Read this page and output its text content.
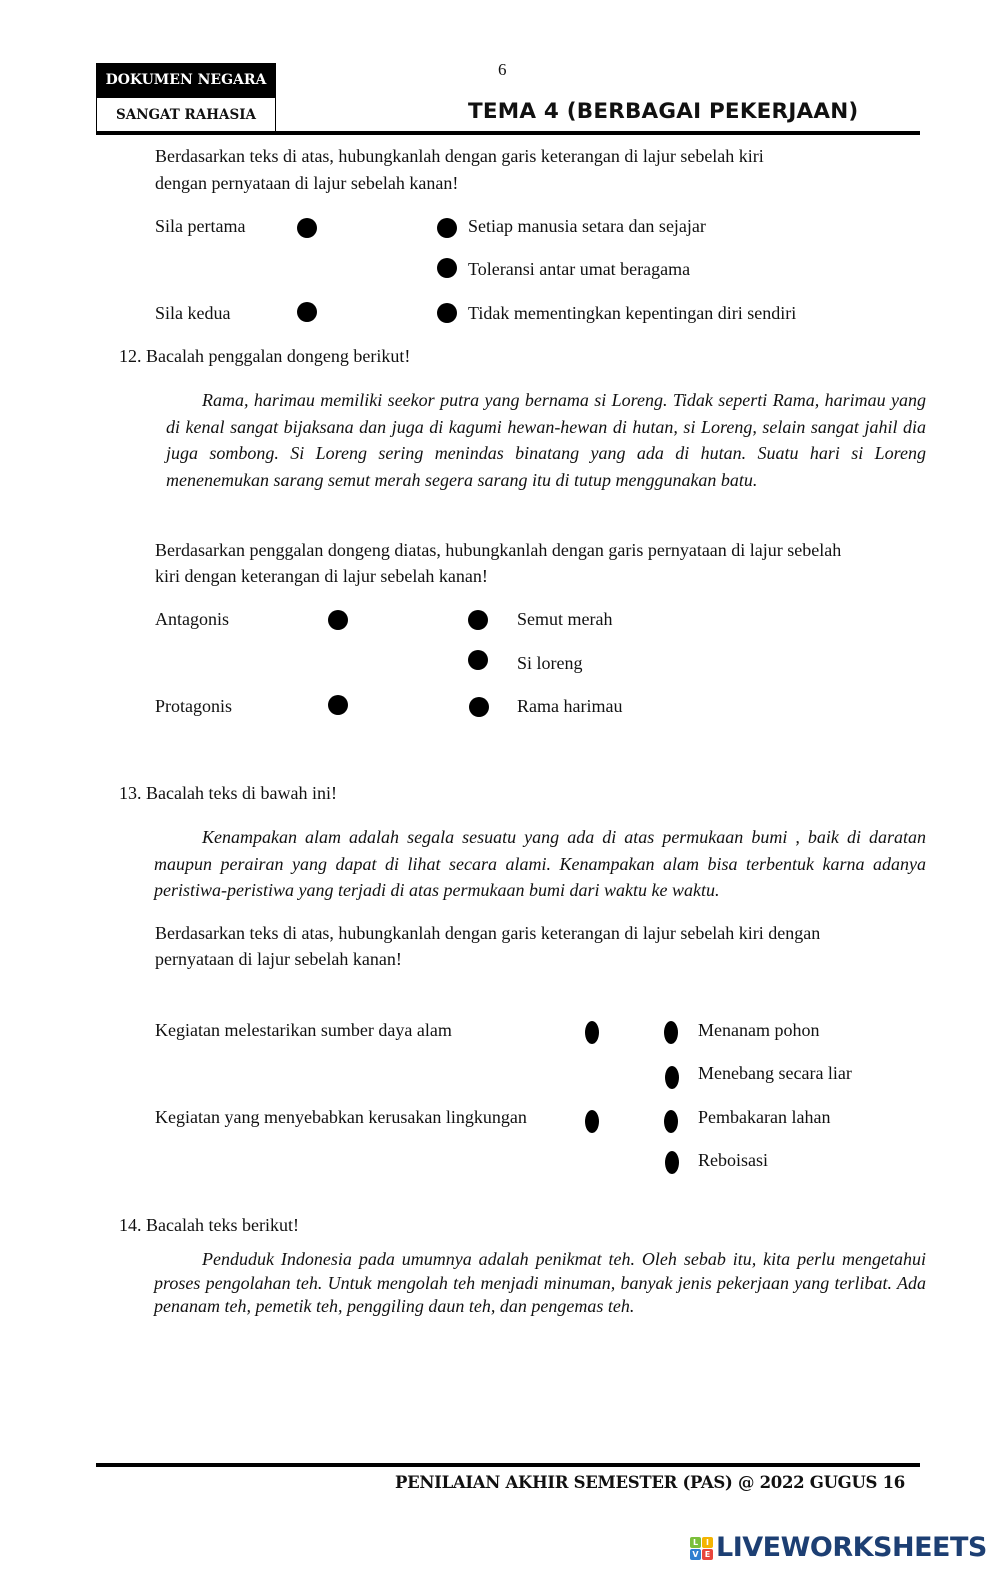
DOKUMEN NEGARA
SANGAT RAHASIA
6
TEMA 4 (BERBAGAI PEKERJAAN)
Berdasarkan teks di atas, hubungkanlah dengan garis keterangan di lajur sebelah kiri
dengan pernyataan di lajur sebelah kanan!
Sila pertama
Sila kedua
Setiap manusia setara dan sejajar
Toleransi antar umat beragama
Tidak mementingkan kepentingan diri sendiri
12. Bacalah penggalan dongeng berikut!
Rama, harimau memiliki seekor putra yang bernama si Loreng. Tidak seperti Rama, harimau yang di kenal sangat bijaksana dan juga di kagumi hewan-hewan di hutan, si Loreng, selain sangat jahil dia juga sombong. Si Loreng sering menindas binatang yang ada di hutan. Suatu hari si Loreng menenemukan sarang semut merah segera sarang itu di tutup menggunakan batu.
Berdasarkan penggalan dongeng diatas, hubungkanlah dengan garis pernyataan di lajur sebelah
kiri dengan keterangan di lajur sebelah kanan!
Antagonis
Protagonis
Semut merah
Si loreng
Rama harimau
13. Bacalah teks di bawah ini!
Kenampakan alam adalah segala sesuatu yang ada di atas permukaan bumi , baik di daratan maupun perairan yang dapat di lihat secara alami. Kenampakan alam bisa terbentuk karna adanya peristiwa-peristiwa yang terjadi di atas permukaan bumi dari waktu ke waktu.
Berdasarkan teks di atas, hubungkanlah dengan garis keterangan di lajur sebelah kiri dengan
pernyataan di lajur sebelah kanan!
Kegiatan melestarikan sumber daya alam
Kegiatan yang menyebabkan kerusakan lingkungan
Menanam pohon
Menebang secara liar
Pembakaran lahan
Reboisasi
14. Bacalah teks berikut!
Penduduk Indonesia pada umumnya adalah penikmat teh. Oleh sebab itu, kita perlu mengetahui proses pengolahan teh. Untuk mengolah teh menjadi minuman, banyak jenis pekerjaan yang terlibat. Ada penanam teh, pemetik teh, penggiling daun teh, dan pengemas teh.
PENILAIAN AKHIR SEMESTER (PAS) @ 2022 GUGUS 16
L I
V E LIVEWORKSHEETS
